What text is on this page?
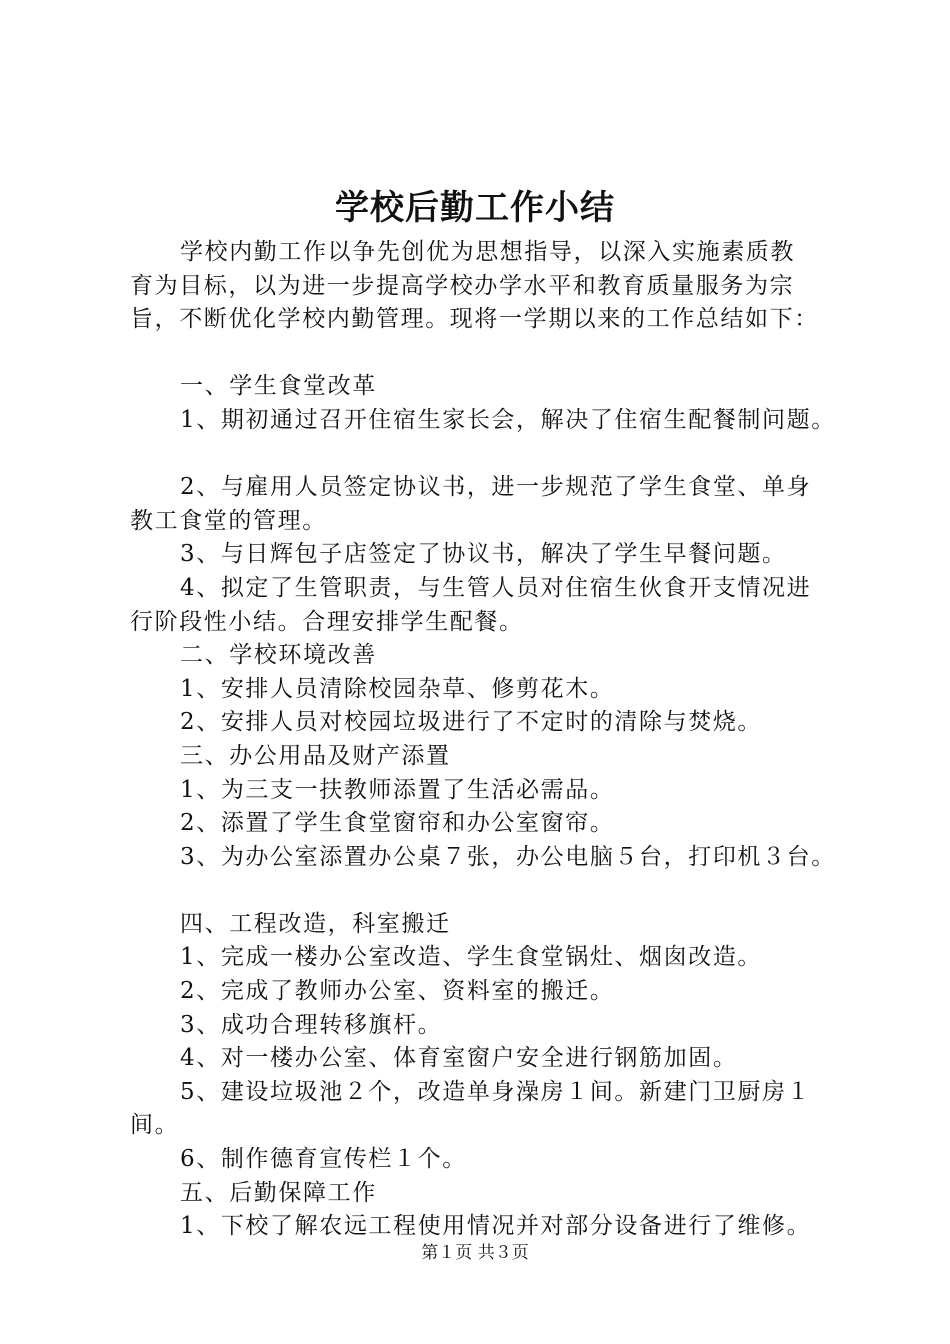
学校后勤工作小结
学校内勤工作以争先创优为思想指导，以深入实施素质教
育为目标，以为进一步提高学校办学水平和教育质量服务为宗
旨，不断优化学校内勤管理。现将一学期以来的工作总结如下：
一、学生食堂改革
1、期初通过召开住宿生家长会，解决了住宿生配餐制问题。
2、与雇用人员签定协议书，进一步规范了学生食堂、单身
教工食堂的管理。
3、与日辉包子店签定了协议书，解决了学生早餐问题。
4、拟定了生管职责，与生管人员对住宿生伙食开支情况进
行阶段性小结。合理安排学生配餐。
二、学校环境改善
1、安排人员清除校园杂草、修剪花木。
2、安排人员对校园垃圾进行了不定时的清除与焚烧。
三、办公用品及财产添置
1、为三支一扶教师添置了生活必需品。
2、添置了学生食堂窗帘和办公室窗帘。
3、为办公室添置办公桌７张，办公电脑５台，打印机３台。
四、工程改造，科室搬迁
1、完成一楼办公室改造、学生食堂锅灶、烟囱改造。
2、完成了教师办公室、资料室的搬迁。
3、成功合理转移旗杆。
4、对一楼办公室、体育室窗户安全进行钢筋加固。
5、建设垃圾池２个，改造单身澡房１间。新建门卫厨房１
间。
6、制作德育宣传栏１个。
五、后勤保障工作
1、下校了解农远工程使用情况并对部分设备进行了维修。
第１页 共３页
